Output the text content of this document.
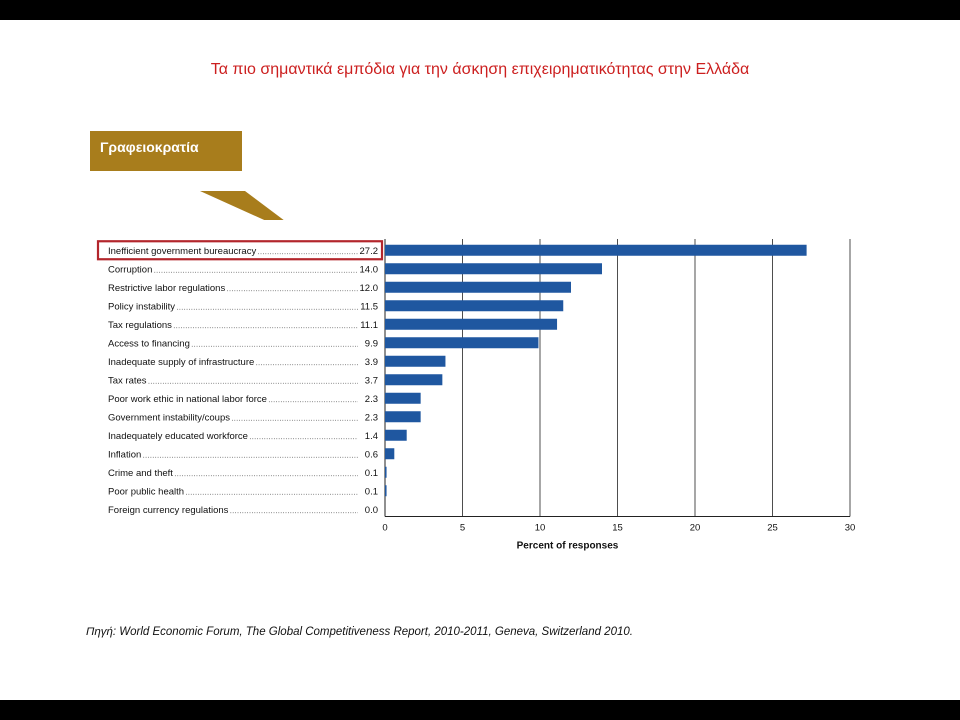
Τα πιο σημαντικά εμπόδια για την άσκηση επιχειρηματικότητας στην Ελλάδα
Γραφειοκρατία
0	5	10	15	20	25	30
Percent of responses
Inefficient government bureaucracy	27.2
Corruption	14.0
Restrictive labor regulations	12.0
Policy instability	11.5
Tax regulations	11.1
Access to financing	9.9
Inadequate supply of infrastructure	3.9
Tax rates	3.7
Poor work ethic in national labor force	2.3
Government instability/coups	2.3
Inadequately educated workforce	1.4
Inflation	0.6
Crime and theft	0.1
Poor public health	0.1
Foreign currency regulations	0.0
Πηγή: World Economic Forum, The Global Competitiveness Report, 2010‑2011, Geneva, Switzerland 2010.
